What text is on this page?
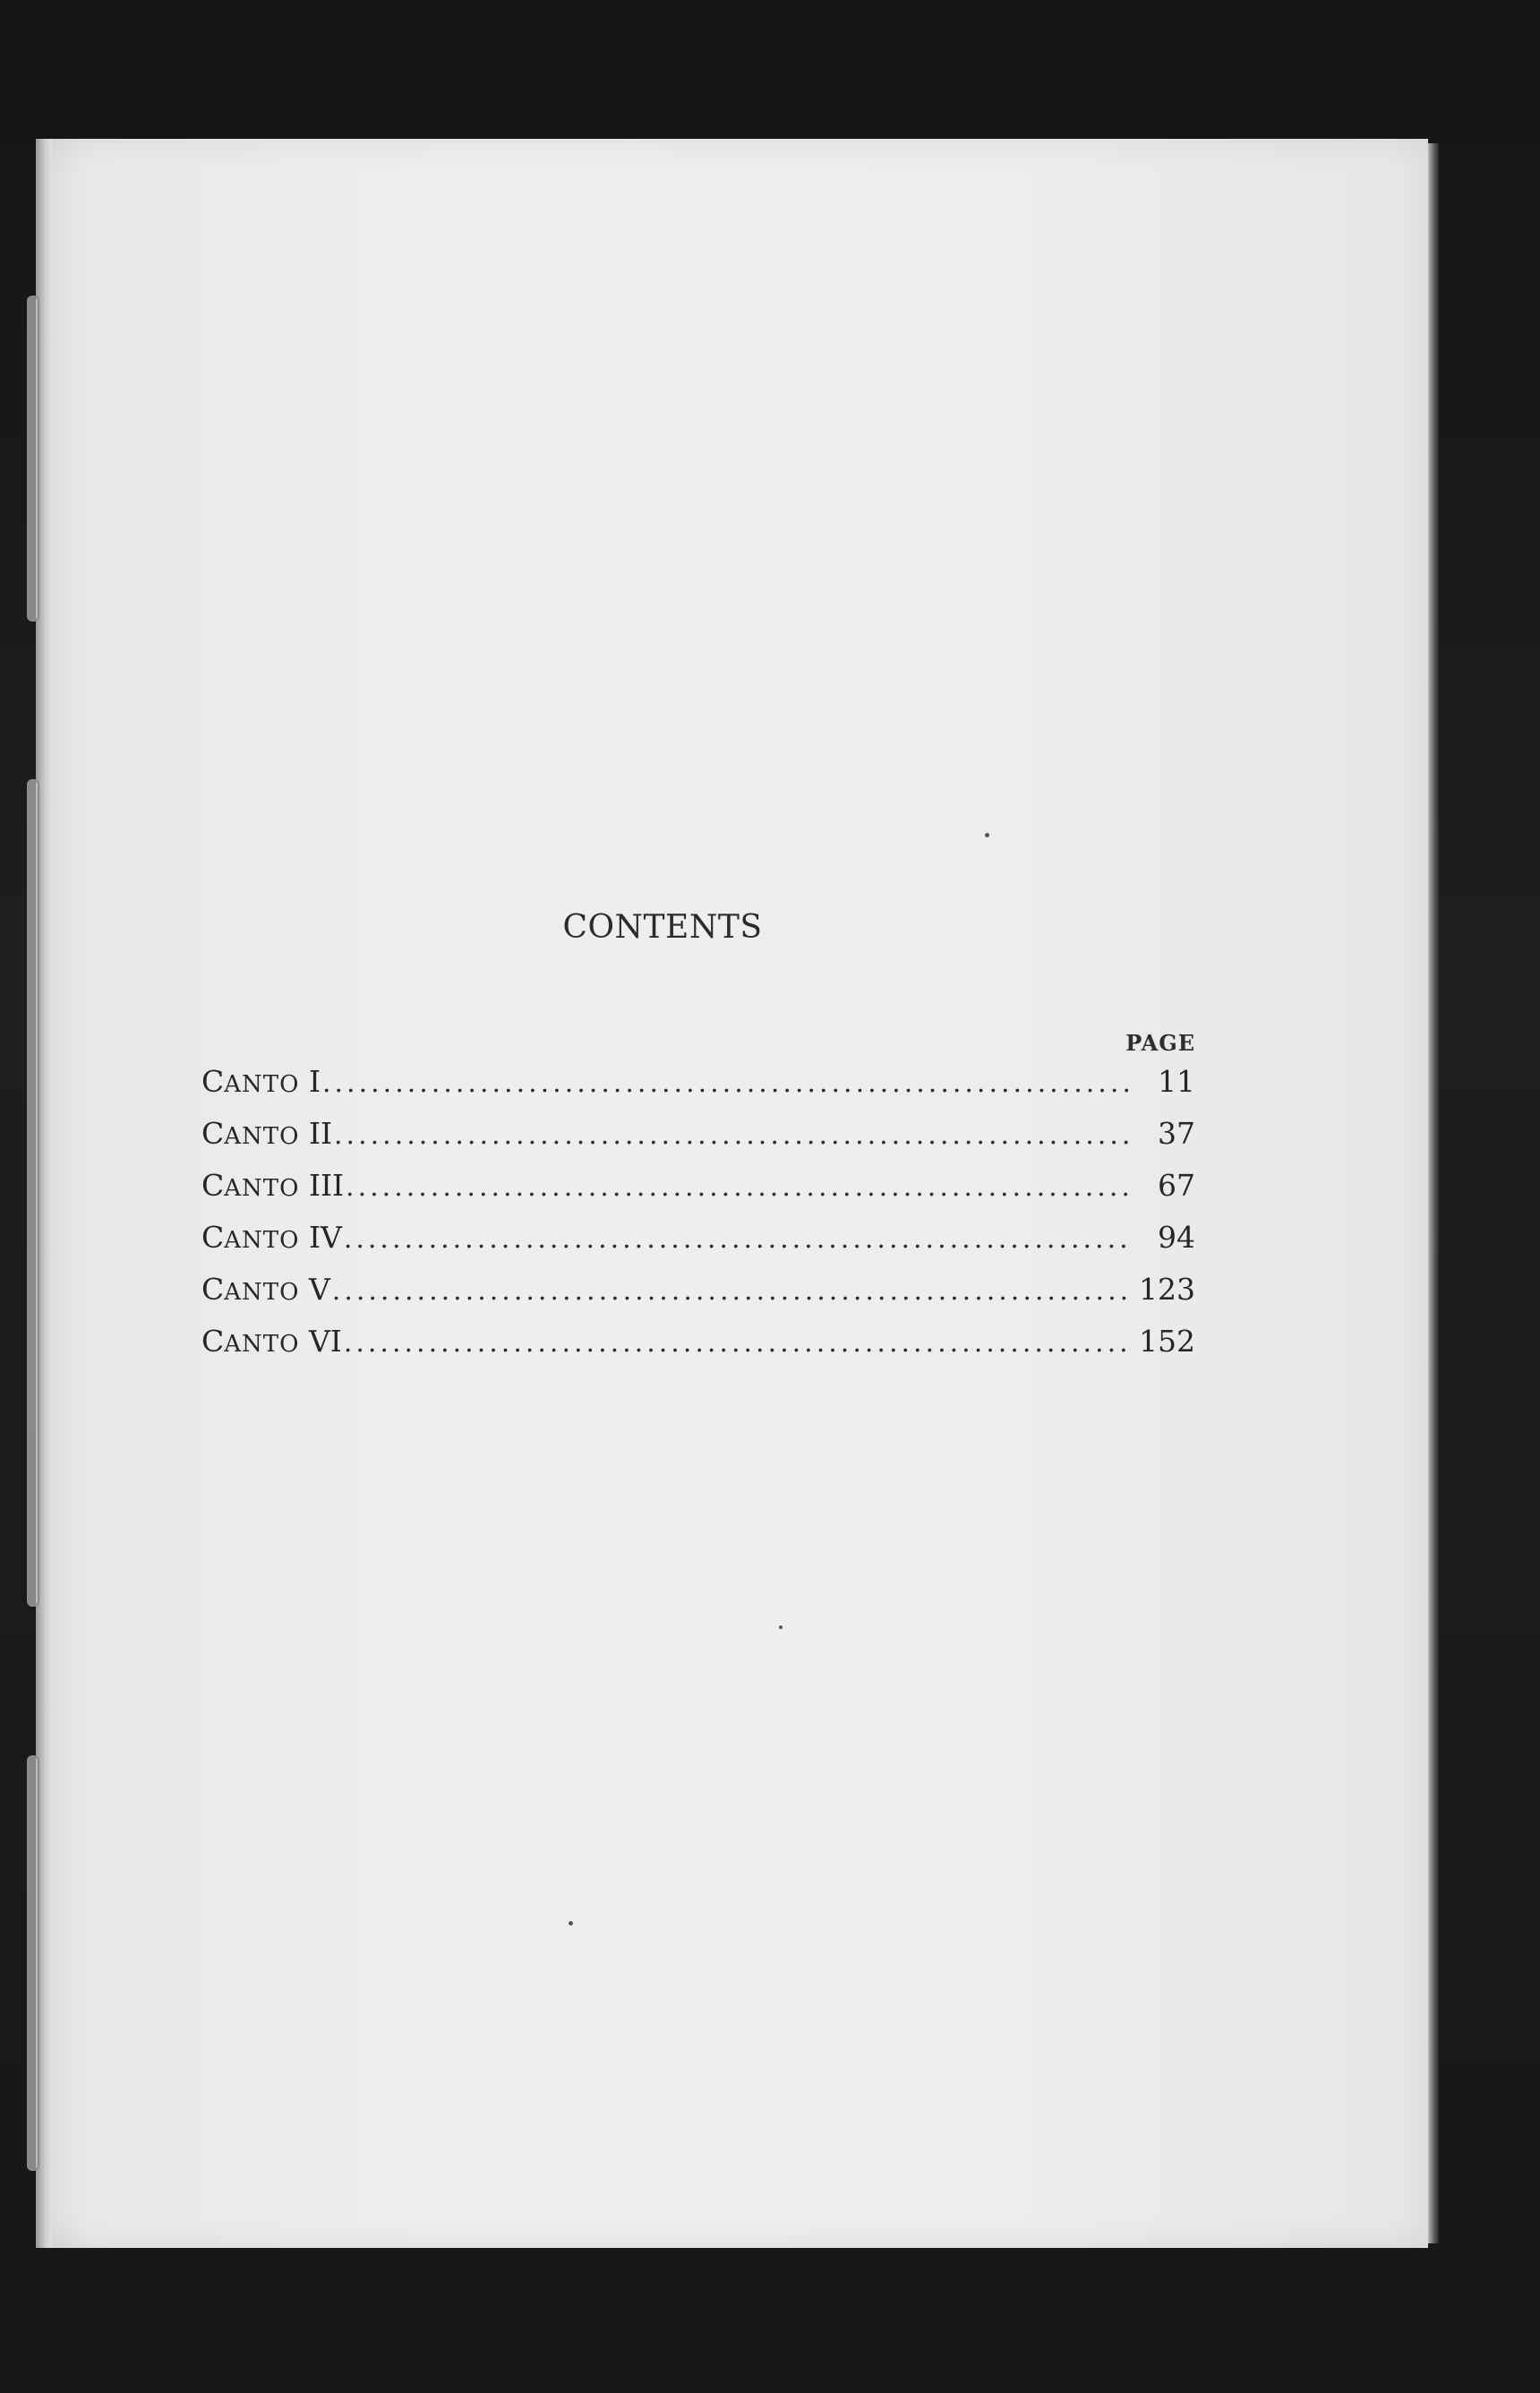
CONTENTS
PAGE
CANTO I .....	11
CANTO II .....	37
CANTO III .....	67
CANTO IV .....	94
CANTO V .....	123
CANTO VI .....	152
